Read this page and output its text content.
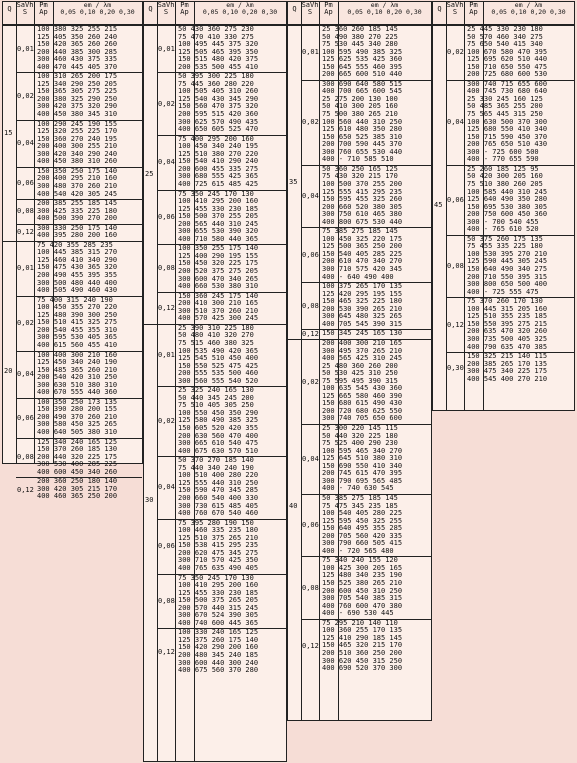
Q SaVh
S
Pm
Ap
em / λm
0,05 0,10 0,20 0,30
100 380 325 255 215
125 405 350 260 240
150 420 365 260 260
200 440 385 300 285
300 460 430 375 335
400 470 445 405 370
0,01
100 310 265 200 175
125 340 290 250 205
150 365 305 275 225
200 380 325 290 250
300 420 375 320 290
400 450 380 345 310
0,02
100 290 245 190 155
125 320 255 225 170
150 360 270 240 195
200 400 300 255 210
300 420 340 290 240
400 450 380 310 260
0,04
150 350 250 175 140
200 400 295 210 160
300 480 370 260 210
400 540 420 305 245
0,06
200 385 255 185 145
300 425 335 225 180
400 500 390 270 200
0,08
300 330 250 175 140
400 395 280 200 160
0,12
15
75 420 355 285 235
100 445 385 315 270
125 460 410 340 290
150 475 430 365 320
200 490 455 395 355
300 500 480 440 400
400 505 490 460 430
0,01
75 400 315 240 190
100 450 355 270 220
125 480 390 300 250
150 510 415 325 275
200 540 455 355 310
300 595 530 405 365
400 615 560 455 410
0,02
100 400 300 210 160
125 450 340 240 190
150 485 365 260 210
200 540 420 310 250
300 630 510 380 310
400 670 555 440 360
0,04
100 350 250 173 135
150 390 280 200 155
200 490 370 260 210
300 580 450 325 265
400 640 505 380 310
0,06
125 340 240 165 125
150 370 260 185 130
200 440 320 225 175
300 530 400 285 225
400 600 450 340 260
0,08
200 360 250 180 140
300 420 305 215 170
400 460 365 250 200
0,12
20
Q SaVh
S
Pm
Ap
em / λm
0,05 0,10 0,20 0,30
50 430 360 275 230
75 470 410 330 275
100 495 445 375 320
125 505 465 395 350
150 515 480 420 375
200 535 500 455 410
0,01
50 395 300 225 180
75 445 360 280 220
100 505 405 310 260
125 540 430 345 290
150 560 470 375 320
200 595 515 420 360
300 625 570 490 435
400 650 605 525 470
0,02
75 400 295 200 160
100 450 340 240 195
125 510 380 270 220
150 540 410 290 240
200 600 455 335 275
300 680 555 425 365
400 725 615 485 425
0,04
75 350 245 170 130
100 410 295 200 160
125 455 330 230 185
150 500 370 255 205
200 565 440 310 245
300 655 530 390 320
400 710 580 440 365
0,06
100 350 255 175 140
125 400 290 195 155
150 450 320 225 175
200 520 375 275 205
300 600 470 340 265
400 660 530 380 310
0,08
150 360 245 175 140
200 410 300 210 165
300 510 370 260 210
400 570 425 300 245
0,12
25
25 390 310 225 180
50 480 410 320 270
75 515 460 380 325
100 535 490 420 365
125 545 510 450 400
150 550 525 475 425
200 555 535 500 460
300 560 555 540 520
0,01
25 325 240 165 130
50 440 345 245 200
75 510 405 305 250
100 550 450 350 290
125 580 490 385 325
150 605 520 420 355
200 630 560 470 400
300 665 610 540 475
400 675 630 570 510
0,02
50 370 270 185 140
75 440 340 240 190
100 510 400 280 220
125 555 440 310 250
150 590 470 345 285
200 660 540 400 330
300 730 615 485 405
400 760 670 540 460
0,04
75 395 280 190 150
100 460 335 235 180
125 510 375 265 210
150 538 415 295 235
200 620 475 345 275
300 710 570 425 350
400 765 635 490 405
0,06
75 350 245 170 130
100 410 295 200 160
125 455 330 230 185
150 500 375 265 205
200 570 440 315 245
300 670 524 390 305
400 740 600 445 365
0,08
100 330 240 165 125
125 375 260 175 140
150 420 290 200 160
200 480 345 240 185
300 600 440 300 240
400 675 560 370 280
0,12
30
Q SaVh
S
Pm
Ap
em / λm
0,05 0,10 0,20 0,30
25 360 260 185 145
50 490 380 270 225
75 530 445 340 280
100 595 490 385 325
125 625 535 425 360
150 645 555 460 395
200 665 600 510 440
0,01
300 690 640 580 515
400 700 665 600 545
25 275 200 130 100
50 410 300 205 160
75 500 380 265 210
100 560 440 310 250
125 610 480 350 280
150 650 525 385 310
200 700 590 445 370
300 760 655 530 440
400 - 710 585 510
0,02
50 360 250 165 125
75 430 320 215 170
100 500 370 255 200
125 555 415 295 235
150 595 455 325 260
200 660 520 380 305
300 750 610 465 380
400 800 675 530 440
0,04
75 385 275 185 145
100 450 325 220 175
125 500 365 250 200
150 540 405 285 225
200 610 470 340 270
300 710 575 420 345
400 - 640 490 400
0,06
100 375 265 170 135
125 420 295 195 155
150 465 325 225 180
200 530 390 265 210
300 645 480 325 265
400 705 545 390 315
0,08
150 345 245 165 130
0,12
35
200 400 300 210 165
300 495 370 265 210
400 565 425 310 245
25 480 360 260 200
50 530 425 310 250
75 595 495 390 315
100 635 545 430 360
125 665 580 460 390
150 680 615 490 430
200 720 680 625 550
300 740 705 650 600
0,02
25 300 220 145 115
50 440 320 225 180
75 525 400 290 230
100 595 465 340 270
125 645 510 380 310
150 690 550 410 340
200 745 615 470 395
300 790 695 565 485
400 - 740 630 545
0,04
50 385 275 185 145
75 475 345 235 185
100 540 405 280 225
125 595 450 325 255
150 640 495 355 285
200 705 560 420 335
300 790 660 505 415
400 - 720 565 480
0,06
75 340 240 155 120
100 425 300 205 165
125 480 340 235 190
150 525 380 265 210
200 600 450 310 250
300 705 540 385 315
400 760 600 470 380
400 - 690 530 445
0,08
75 295 210 140 110
100 360 255 170 135
125 410 290 185 145
150 465 320 215 170
200 510 360 250 200
300 620 450 315 250
400 690 520 370 300
0,12
40
Q SaVh
S
Pm
Ap
em / λm
0,05 0,10 0,20 0,30
25 445 330 230 180
50 570 460 340 275
75 650 540 415 340
100 670 580 470 395
125 695 620 510 440
150 710 650 550 475
200 725 680 600 530
0,02
300 740 715 655 600
400 745 730 680 640
25 330 245 160 125
50 485 365 255 200
75 565 445 315 250
100 630 500 370 300
125 680 550 410 340
150 715 590 450 370
200 765 650 510 430
300 - 725 600 500
400 - 770 655 590
0,04
25 260 185 125 95
50 420 300 205 160
75 510 380 260 205
100 585 440 310 245
125 640 490 350 280
150 695 530 380 305
200 750 600 450 360
300 - 700 540 455
400 - 765 610 520
0,06
50 375 260 175 135
75 455 335 225 180
100 530 395 270 210
125 590 445 305 245
150 640 490 340 275
200 710 550 395 315
300 800 650 500 400
400 - 725 555 475
0,08
75 370 260 170 130
100 445 315 205 160
125 510 355 235 185
150 550 395 275 215
200 635 470 320 260
300 735 500 405 325
400 790 635 470 385
0,12
150 325 215 140 115
200 385 265 170 135
300 475 340 225 175
400 545 400 270 210
0,30
45
